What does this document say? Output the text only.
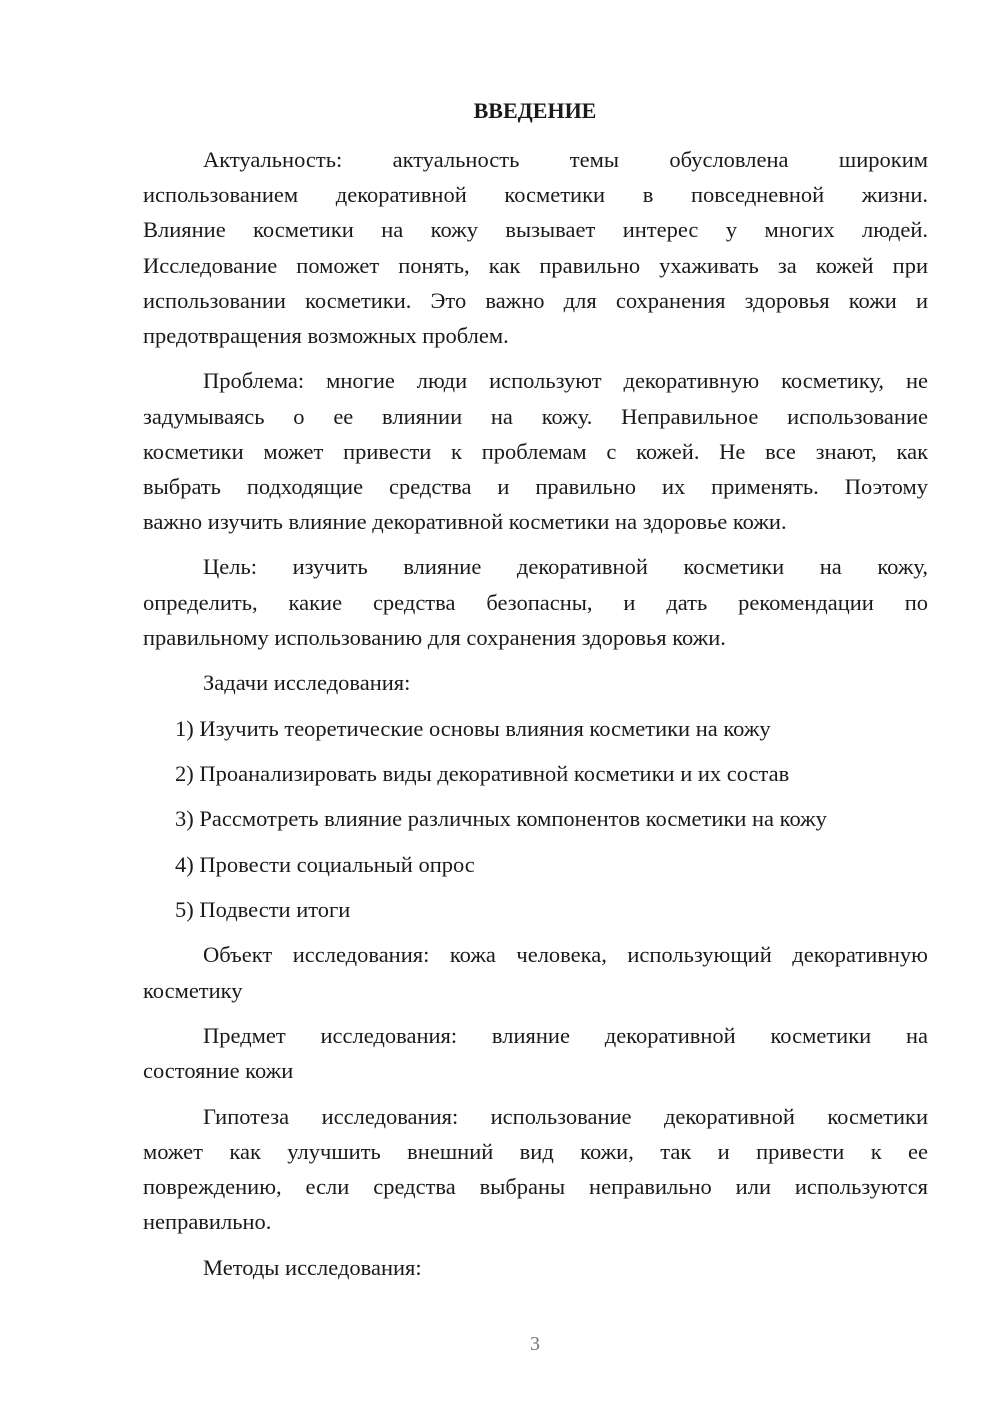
ВВЕДЕНИЕ
Актуальность: актуальность темы обусловлена широким
использованием декоративной косметики в повседневной жизни.
Влияние косметики на кожу вызывает интерес у многих людей.
Исследование поможет понять, как правильно ухаживать за кожей при
использовании косметики. Это важно для сохранения здоровья кожи и
предотвращения возможных проблем.
Проблема: многие люди используют декоративную косметику, не
задумываясь о ее влиянии на кожу. Неправильное использование
косметики может привести к проблемам с кожей. Не все знают, как
выбрать подходящие средства и правильно их применять. Поэтому
важно изучить влияние декоративной косметики на здоровье кожи.
Цель: изучить влияние декоративной косметики на кожу,
определить, какие средства безопасны, и дать рекомендации по
правильному использованию для сохранения здоровья кожи.
Задачи исследования:
1) Изучить теоретические основы влияния косметики на кожу
2) Проанализировать виды декоративной косметики и их состав
3) Рассмотреть влияние различных компонентов косметики на кожу
4) Провести социальный опрос
5) Подвести итоги
Объект исследования: кожа человека, использующий декоративную
косметику
Предмет исследования: влияние декоративной косметики на
состояние кожи
Гипотеза исследования: использование декоративной косметики
может как улучшить внешний вид кожи, так и привести к ее
повреждению, если средства выбраны неправильно или используются
неправильно.
Методы исследования:
3
